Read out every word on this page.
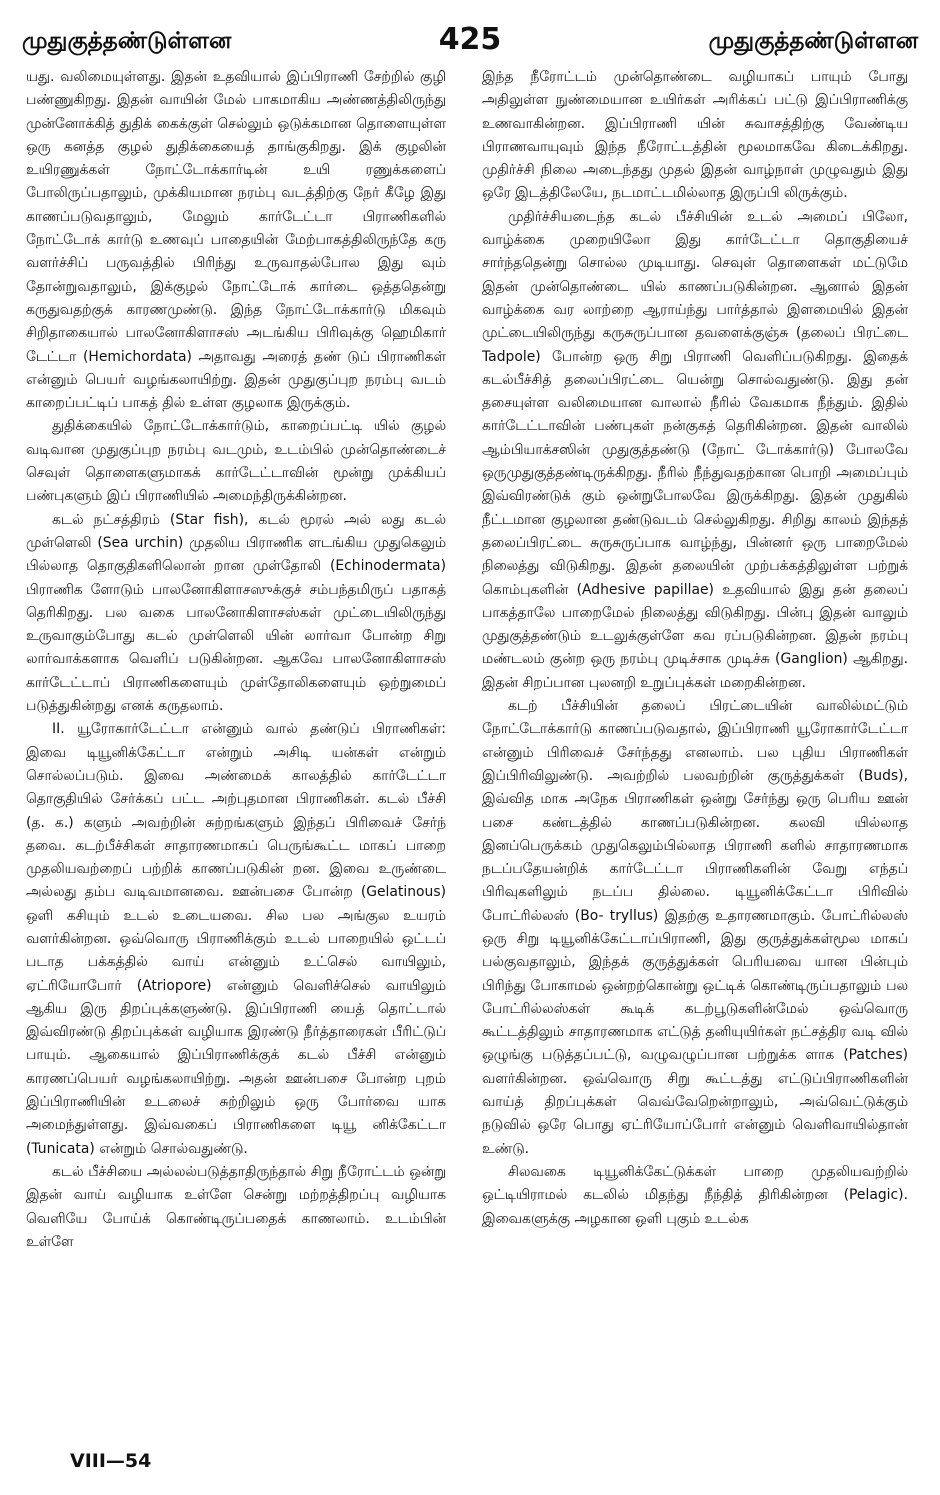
முதுகுத்தண்டுள்ளன	425	முதுகுத்தண்டுள்ளன

யது. வலிமையுள்ளது. இதன் உதவியால் இப்பிராணி சேற்றில் குழி பண்ணுகிறது. இதன் வாயின் மேல் பாகமாகிய அண்ணத்திலிருந்து முன்னோக்கித் துதிக் கைக்குள் செல்லும் ஒடுக்கமான தொளையுள்ள ஒரு கனத்த குழல் துதிக்கையைத் தாங்குகிறது. இக் குழலின் உயிரணுக்கள் நோட்டோக்கார்டின் உயி ரணுக்களைப் போலிருப்பதாலும், முக்கியமான நரம்பு வடத்திற்கு நேர் கீழே இது காணப்படுவதாலும், மேலும் கார்டேட்டா பிராணிகளில் நோட்டோக் கார்டு உணவுப் பாதையின் மேற்பாகத்திலிருந்தே கரு வளர்ச்சிப் பருவத்தில் பிரிந்து உருவாதல்போல இது வும் தோன்றுவதாலும், இக்குழல் நோட்டோக் கார்டை ஒத்ததென்று கருதுவதற்குக் காரணமுண்டு. இந்த நோட்டோக்கார்டு மிகவும் சிறிதாகையால் பாலனோகிளாசஸ் அடங்கிய பிரிவுக்கு ஹெமிகார் டேட்டா (Hemichordata) அதாவது அரைத் தண் டுப் பிராணிகள் என்னும் பெயர் வழங்கலாயிற்று. இதன் முதுகுப்புற நரம்பு வடம் காறைப்பட்டிப் பாகத் தில் உள்ள குழலாக இருக்கும்.

துதிக்கையில் நோட்டோக்கார்டும், காறைப்பட்டி யில் குழல் வடிவான முதுகுப்புற நரம்பு வடமும், உடம்பில் முன்தொண்டைச் செவுள் தொளைகளுமாகக் கார்டேட்டாவின் மூன்று முக்கியப் பண்புகளும் இப் பிராணியில் அமைந்திருக்கின்றன.

கடல் நட்சத்திரம் (Star fish), கடல் மூரல் அல் லது கடல் முள்ளெலி (Sea urchin) முதலிய பிராணிக ளடங்கிய முதுகெலும் பில்லாத தொகுதிகளிலொன் றான முள்தோலி (Echinodermata) பிராணிக ளோடும் பாலனோகிளாசஸுக்குச் சம்பந்தமிருப் பதாகத் தெரிகிறது. பல வகை பாலனோகிளாசஸ்கள் முட்டையிலிருந்து உருவாகும்போது கடல் முள்ளெலி யின் லார்வா போன்ற சிறு லார்வாக்களாக வெளிப் படுகின்றன. ஆகவே பாலனோகிளாசஸ் கார்டேட்டாப் பிராணிகளையும் முள்தோலிகளையும் ஒற்றுமைப் படுத்துகின்றது எனக் கருதலாம்.

II. யூரோகார்டேட்டா என்னும் வால் தண்டுப் பிராணிகள்: இவை டியூனிக்கேட்டா என்றும் அசிடி யன்கள் என்றும் சொல்லப்படும். இவை அண்மைக் காலத்தில் கார்டேட்டா தொகுதியில் சேர்க்கப் பட்ட அற்புதமான பிராணிகள். கடல் பீச்சி (த. க.) களும் அவற்றின் சுற்றங்களும் இந்தப் பிரிவைச் சேர்ந் தவை. கடற்பீச்சிகள் சாதாரணமாகப் பெருங்கூட்ட மாகப் பாறை முதலியவற்றைப் பற்றிக் காணப்படுகின் றன. இவை உருண்டை அல்லது தம்ப வடிவமானவை. ஊன்பசை போன்ற (Gelatinous) ஒளி கசியும் உடல் உடையவை. சில பல அங்குல உயரம் வளர்கின்றன. ஒவ்வொரு பிராணிக்கும் உடல் பாறையில் ஒட்டப் படாத பக்கத்தில் வாய் என்னும் உட்செல் வாயிலும், ஏட்ரியோபோர் (Atriopore) என்னும் வெளிச்செல் வாயிலும் ஆகிய இரு திறப்புக்களுண்டு. இப்பிராணி யைத் தொட்டால் இவ்விரண்டு திறப்புக்கள் வழியாக இரண்டு நீர்த்தாரைகள் பீரிட்டுப் பாயும். ஆகையால் இப்பிராணிக்குக் கடல் பீச்சி என்னும் காரணப்பெயர் வழங்கலாயிற்று. அதன் ஊன்பசை போன்ற புறம் இப்பிராணியின் உடலைச் சுற்றிலும் ஒரு போர்வை யாக அமைந்துள்ளது. இவ்வகைப் பிராணிகளை டியூ னிக்கேட்டா (Tunicata) என்றும் சொல்வதுண்டு.

கடல் பீச்சியை அல்லல்படுத்தாதிருந்தால் சிறு நீரோட்டம் ஒன்று இதன் வாய் வழியாக உள்ளே சென்று மற்றத்திறப்பு வழியாக வெளியே போய்க் கொண்டிருப்பதைக் காணலாம். உடம்பின் உள்ளே

இந்த நீரோட்டம் முன்தொண்டை வழியாகப் பாயும் போது அதிலுள்ள நுண்மையான உயிர்கள் அரிக்கப் பட்டு இப்பிராணிக்கு உணவாகின்றன. இப்பிராணி யின் சுவாசத்திற்கு வேண்டிய பிராணவாயுவும் இந்த நீரோட்டத்தின் மூலமாகவே கிடைக்கிறது. முதிர்ச்சி நிலை அடைந்தது முதல் இதன் வாழ்நாள் முழுவதும் இது ஒரே இடத்திலேயே, நடமாட்டமில்லாத இருப்பி லிருக்கும்.

முதிர்ச்சியடைந்த கடல் பீச்சியின் உடல் அமைப் பிலோ, வாழ்க்கை முறையிலோ இது கார்டேட்டா தொகுதியைச் சார்ந்ததென்று சொல்ல முடியாது. செவுள் தொளைகள் மட்டுமே இதன் முன்தொண்டை யில் காணப்படுகின்றன. ஆனால் இதன் வாழ்க்கை வர லாற்றை ஆராய்ந்து பார்த்தால் இளமையில் இதன் முட்டையிலிருந்து கருசுருப்பான தவளைக்குஞ்சு (தலைப் பிரட்டை Tadpole) போன்ற ஒரு சிறு பிராணி வெளிப்படுகிறது. இதைக் கடல்பீச்சித் தலைப்பிரட்டை யென்று சொல்வதுண்டு. இது தன் தசையுள்ள வலிமையான வாலால் நீரில் வேகமாக நீந்தும். இதில் கார்டேட்டாவின் பண்புகள் நன்குகத் தெரிகின்றன. இதன் வாலில் ஆம்பியாக்சஸின் முதுகுத்தண்டு (நோட் டோக்கார்டு) போலவே ஒருமுதுகுத்தண்டிருக்கிறது. நீரில் நீந்துவதற்கான பொறி அமைப்பும் இவ்விரண்டுக் கும் ஒன்றுபோலவே இருக்கிறது. இதன் முதுகில் நீட்டமான குழலான தண்டுவடம் செல்லுகிறது. சிறிது காலம் இந்தத் தலைப்பிரட்டை சுருசுருப்பாக வாழ்ந்து, பின்னர் ஒரு பாறைமேல் நிலைத்து விடுகிறது. இதன் தலையின் முற்பக்கத்திலுள்ள பற்றுக் கொம்புகளின் (Adhesive papillae) உதவியால் இது தன் தலைப் பாகத்தாலே பாறைமேல் நிலைத்து விடுகிறது. பின்பு இதன் வாலும் முதுகுத்தண்டும் உடலுக்குள்ளே கவ ரப்படுகின்றன. இதன் நரம்பு மண்டலம் குன்ற ஒரு நரம்பு முடிச்சாக முடிச்சு (Ganglion) ஆகிறது. இதன் சிறப்பான புலனறி உறுப்புக்கள் மறைகின்றன.

கடற் பீச்சியின் தலைப் பிரட்டையின் வாலில்மட்டும் நோட்டோக்கார்டு காணப்படுவதால், இப்பிராணி யூரோகார்டேட்டா என்னும் பிரிவைச் சேர்ந்தது எனலாம். பல புதிய பிராணிகள் இப்பிரிவிலுண்டு. அவற்றில் பலவற்றின் குருத்துக்கள் (Buds), இவ்வித மாக அநேக பிராணிகள் ஒன்று சேர்ந்து ஒரு பெரிய ஊன் பசை கண்டத்தில் காணப்படுகின்றன. கலவி யில்லாத இனப்பெருக்கம் முதுகெலும்பில்லாத பிராணி களில் சாதாரணமாக நடப்பதேயன்றிக் கார்டேட்டா பிராணிகளின் வேறு எந்தப் பிரிவுகளிலும் நடப்ப தில்லை. டியூனிக்கேட்டா பிரிவில் போட்ரில்லஸ் (Bo- tryllus) இதற்கு உதாரணமாகும். போட்ரில்லஸ் ஒரு சிறு டியூனிக்கேட்டாப்பிராணி, இது குருத்துக்கள்மூல மாகப் பல்குவதாலும், இந்தக் குருத்துக்கள் பெரியவை யான பின்பும் பிரிந்து போகாமல் ஒன்றற்கொன்று ஒட்டிக் கொண்டிருப்பதாலும் பல போட்ரில்லஸ்கள் கூடிக் கடற்பூடுகளின்மேல் ஒவ்வொரு கூட்டத்திலும் சாதாரணமாக எட்டுத் தனியுயிர்கள் நட்சத்திர வடி வில் ஒழுங்கு படுத்தப்பட்டு, வழுவழுப்பான பற்றுக்க ளாக (Patches) வளர்கின்றன. ஒவ்வொரு சிறு கூட்டத்து எட்டுப்பிராணிகளின் வாய்த் திறப்புக்கள் வெவ்வேறென்றாலும், அவ்வெட்டுக்கும் நடுவில் ஒரே பொது ஏட்ரியோப்போர் என்னும் வெளிவாயில்தான் உண்டு.

சிலவகை டியூனிக்கேட்டுக்கள் பாறை முதலியவற்றில் ஒட்டியிராமல் கடலில் மிதந்து நீந்தித் திரிகின்றன (Pelagic). இவைகளுக்கு அழகான ஒளி புகும் உடல்க

VIII—54
